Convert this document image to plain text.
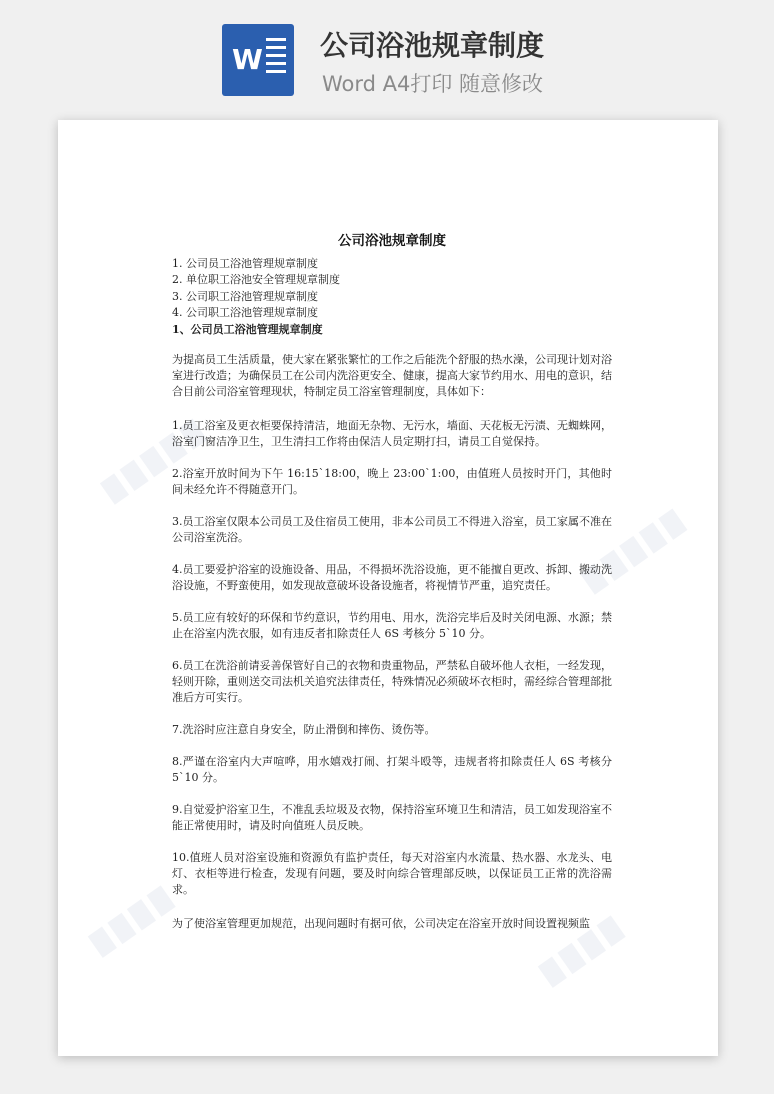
W 公司浴池规章制度
Word A4打印 随意修改
█ █ █ █ █
█ █ █ █ █
█ █ █ █	█ █ █ █
公司浴池规章制度
1. 公司员工浴池管理规章制度
2. 单位职工浴池安全管理规章制度
3. 公司职工浴池管理规章制度
4. 公司职工浴池管理规章制度
1、公司员工浴池管理规章制度

为提高员工生活质量，使大家在紧张繁忙的工作之后能洗个舒服的热水澡，公司现计划对浴室进行改造；为确保员工在公司内洗浴更安全、健康，提高大家节约用水、用电的意识，结合目前公司浴室管理现状，特制定员工浴室管理制度，具体如下：

1.员工浴室及更衣柜要保持清洁，地面无杂物、无污水，墙面、天花板无污渍、无蜘蛛网，浴室门窗洁净卫生，卫生清扫工作将由保洁人员定期打扫，请员工自觉保持。

2.浴室开放时间为下午 16:15`18:00，晚上 23:00`1:00，由值班人员按时开门，其他时间未经允许不得随意开门。

3.员工浴室仅限本公司员工及住宿员工使用，非本公司员工不得进入浴室，员工家属不准在公司浴室洗浴。

4.员工要爱护浴室的设施设备、用品，不得损坏洗浴设施，更不能擅自更改、拆卸、搬动洗浴设施，不野蛮使用，如发现故意破坏设备设施者，将视情节严重，追究责任。

5.员工应有较好的环保和节约意识，节约用电、用水，洗浴完毕后及时关闭电源、水源；禁止在浴室内洗衣服，如有违反者扣除责任人 6S 考核分 5`10 分。

6.员工在洗浴前请妥善保管好自己的衣物和贵重物品，严禁私自破坏他人衣柜，一经发现，轻则开除，重则送交司法机关追究法律责任，特殊情况必须破坏衣柜时，需经综合管理部批准后方可实行。

7.洗浴时应注意自身安全，防止滑倒和摔伤、烫伤等。

8.严谨在浴室内大声喧哗，用水嬉戏打闹、打架斗殴等，违规者将扣除责任人 6S 考核分 5`10 分。

9.自觉爱护浴室卫生，不准乱丢垃圾及衣物，保持浴室环境卫生和清洁，员工如发现浴室不能正常使用时，请及时向值班人员反映。

10.值班人员对浴室设施和资源负有监护责任，每天对浴室内水流量、热水器、水龙头、电灯、衣柜等进行检查，发现有问题，要及时向综合管理部反映，以保证员工正常的洗浴需求。

为了使浴室管理更加规范，出现问题时有据可依，公司决定在浴室开放时间设置视频监
